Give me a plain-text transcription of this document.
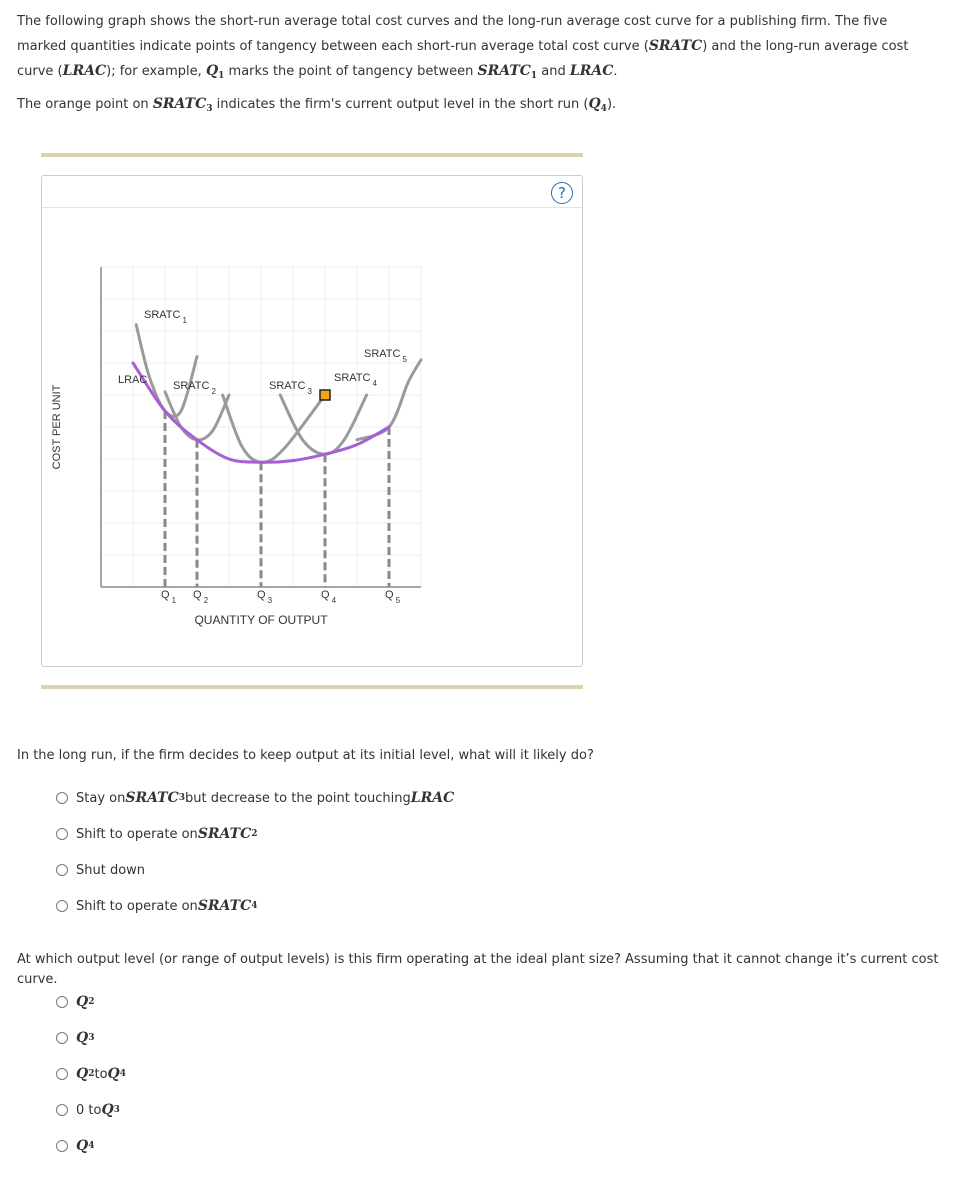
The following graph shows the short-run average total cost curves and the long-run average cost curve for a publishing firm. The five marked quantities indicate points of tangency between each short-run average total cost curve (SRATC) and the long-run average cost curve (LRAC); for example, $Q_1$ marks the point of tangency between $SRATC_1$ and LRAC.

The orange point on $SRATC_3$ indicates the firm's current output level in the short run $(Q_4)$.

?
LRAC
SRATC $_1$
SRATC $_2$	SRATC $_3$
SRATC $_4$
SRATC $_5$
Q $_1$ Q $_2$	Q $_3$	Q $_4$	Q $_5$
QUANTITY OF OUTPUT
COST PER UNIT

In the long run, if the firm decides to keep output at its initial level, what will it likely do?

Stay on SRATC 3 but decrease to the point touching LRAC
Shift to operate on SRATC 2
Shut down
Shift to operate on SRATC 4

At which output level (or range of output levels) is this firm operating at the ideal plant size? Assuming that it cannot change it’s current cost curve.

Q 2
Q 3
Q 2 to Q 4
0 to Q 3
Q 4
